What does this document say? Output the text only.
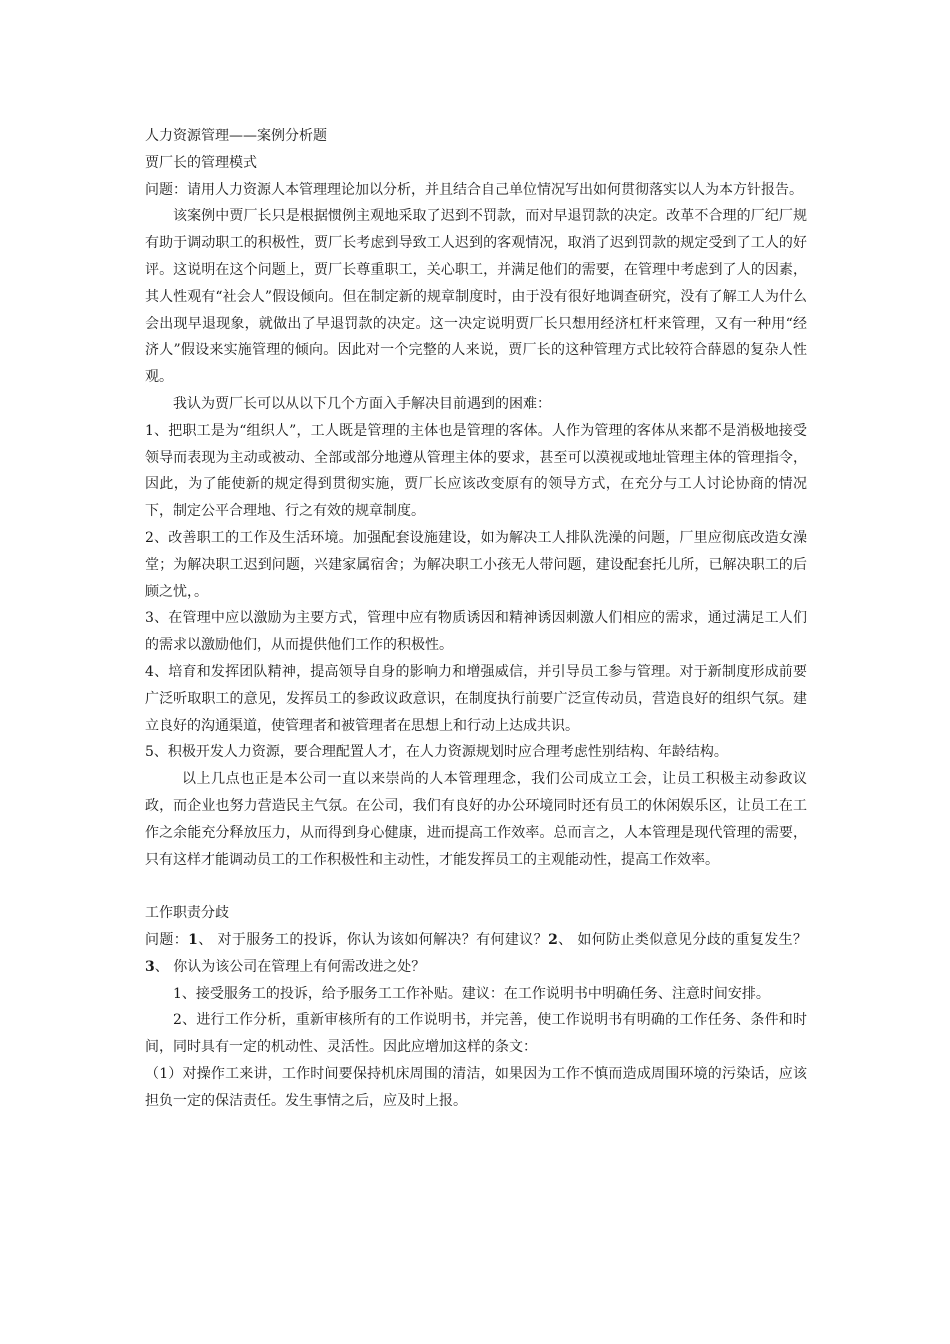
人力资源管理——案例分析题

贾厂长的管理模式

问题：请用人力资源人本管理理论加以分析，并且结合自己单位情况写出如何贯彻落实以人为本方针报告。

该案例中贾厂长只是根据惯例主观地采取了迟到不罚款，而对早退罚款的决定。改革不合理的厂纪厂规有助于调动职工的积极性，贾厂长考虑到导致工人迟到的客观情况，取消了迟到罚款的规定受到了工人的好评。这说明在这个问题上，贾厂长尊重职工，关心职工，并满足他们的需要，在管理中考虑到了人的因素，其人性观有“社会人”假设倾向。但在制定新的规章制度时，由于没有很好地调查研究，没有了解工人为什么会出现早退现象，就做出了早退罚款的决定。这一决定说明贾厂长只想用经济杠杆来管理，又有一种用“经济人”假设来实施管理的倾向。因此对一个完整的人来说，贾厂长的这种管理方式比较符合薛恩的复杂人性观。

我认为贾厂长可以从以下几个方面入手解决目前遇到的困难：

1、把职工是为“组织人”，工人既是管理的主体也是管理的客体。人作为管理的客体从来都不是消极地接受领导而表现为主动或被动、全部或部分地遵从管理主体的要求，甚至可以漠视或地址管理主体的管理指令，因此，为了能使新的规定得到贯彻实施，贾厂长应该改变原有的领导方式，在充分与工人讨论协商的情况下，制定公平合理地、行之有效的规章制度。

2、改善职工的工作及生活环境。加强配套设施建设，如为解决工人排队洗澡的问题，厂里应彻底改造女澡堂；为解决职工迟到问题，兴建家属宿舍；为解决职工小孩无人带问题，建设配套托儿所，已解决职工的后顾之忧，。

3、在管理中应以激励为主要方式，管理中应有物质诱因和精神诱因刺激人们相应的需求，通过满足工人们的需求以激励他们，从而提供他们工作的积极性。

4、培育和发挥团队精神，提高领导自身的影响力和增强威信，并引导员工参与管理。对于新制度形成前要广泛听取职工的意见，发挥员工的参政议政意识，在制度执行前要广泛宣传动员，营造良好的组织气氛。建立良好的沟通渠道，使管理者和被管理者在思想上和行动上达成共识。

5、积极开发人力资源，要合理配置人才，在人力资源规划时应合理考虑性别结构、年龄结构。

以上几点也正是本公司一直以来崇尚的人本管理理念，我们公司成立工会，让员工积极主动参政议政，而企业也努力营造民主气氛。在公司，我们有良好的办公环境同时还有员工的休闲娱乐区，让员工在工作之余能充分释放压力，从而得到身心健康，进而提高工作效率。总而言之，人本管理是现代管理的需要，只有这样才能调动员工的工作积极性和主动性，才能发挥员工的主观能动性，提高工作效率。

工作职责分歧

问题：1、 对于服务工的投诉，你认为该如何解决？有何建议？2、 如何防止类似意见分歧的重复发生？3、 你认为该公司在管理上有何需改进之处？

1、接受服务工的投诉，给予服务工工作补贴。建议：在工作说明书中明确任务、注意时间安排。

2、进行工作分析，重新审核所有的工作说明书，并完善，使工作说明书有明确的工作任务、条件和时间，同时具有一定的机动性、灵活性。因此应增加这样的条文：

（1）对操作工来讲，工作时间要保持机床周围的清洁，如果因为工作不慎而造成周围环境的污染话，应该担负一定的保洁责任。发生事情之后，应及时上报。
